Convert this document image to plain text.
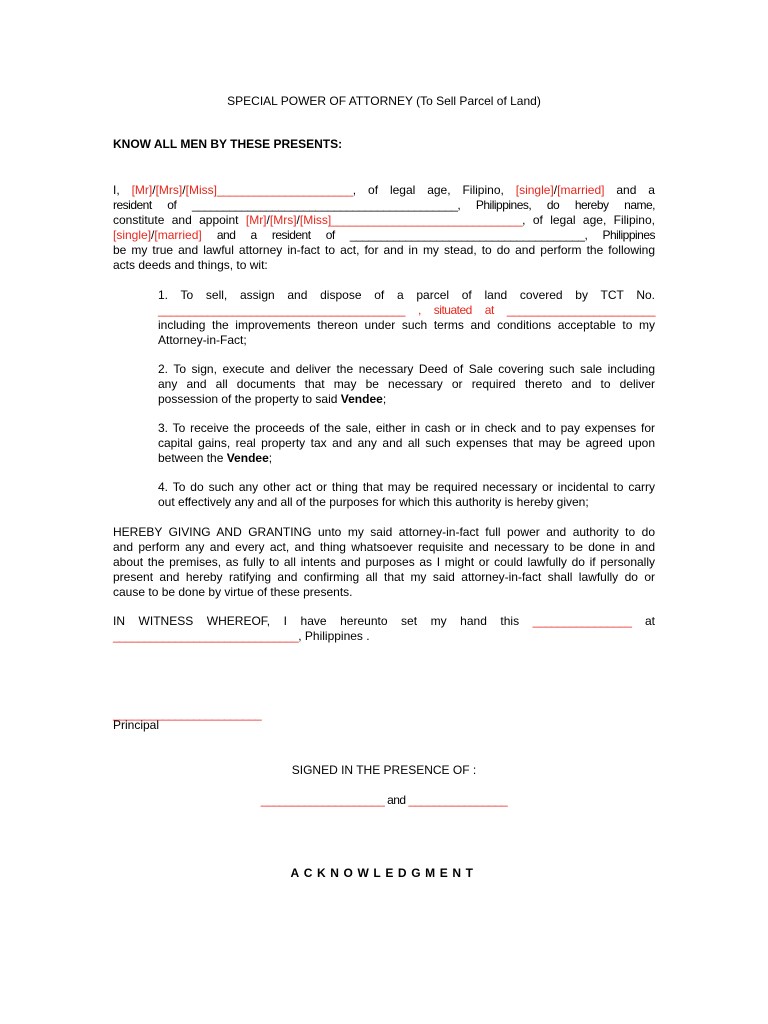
SPECIAL POWER OF ATTORNEY (To Sell Parcel of Land)
KNOW ALL MEN BY THESE PRESENTS:
I, [Mr]/[Mrs]/[Miss]______________________, of legal age, Filipino, [single]/[married] and a
resident of ___________________________________________, Philippines, do hereby name,
constitute and appoint [Mr]/[Mrs]/[Miss]_______________________________, of legal age, Filipino,
[single]/[married] and a resident of ______________________________________, Philippines
be my true and lawful attorney in-fact to act, for and in my stead, to do and perform the following
acts deeds and things, to wit:
1. To sell, assign and dispose of a parcel of land covered by TCT No.
________________________________________ , situated at ________________________
including the improvements thereon under such terms and conditions acceptable to my
Attorney-in-Fact;
2. To sign, execute and deliver the necessary Deed of Sale covering such sale including
any and all documents that may be necessary or required thereto and to deliver
possession of the property to said Vendee;
3. To receive the proceeds of the sale, either in cash or in check and to pay expenses for
capital gains, real property tax and any and all such expenses that may be agreed upon
between the Vendee;
4. To do such any other act or thing that may be required necessary or incidental to carry
out effectively any and all of the purposes for which this authority is hereby given;
HEREBY GIVING AND GRANTING unto my said attorney-in-fact full power and authority to do
and perform any and every act, and thing whatsoever requisite and necessary to be done in and
about the premises, as fully to all intents and purposes as I might or could lawfully do if personally
present and hereby ratifying and confirming all that my said attorney-in-fact shall lawfully do or
cause to be done by virtue of these presents.
IN WITNESS WHEREOF, I have hereunto set my hand this ________________ at
______________________________, Philippines .
________________________
Principal
SIGNED IN THE PRESENCE OF :
____________________ and ________________
ACKNOWLEDGMENT
